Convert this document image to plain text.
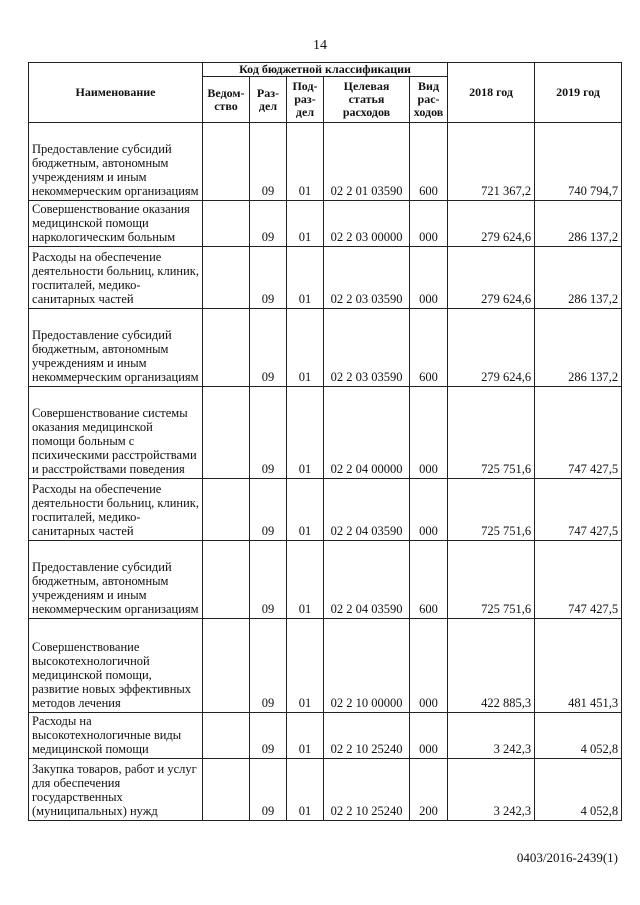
14
Наименование	Код бюджетной классификации					2018 год	2019 год
	Ведом-ство	Раз-дел	Под-раз-дел	Целевая статья расходов	Вид рас-ходов		
Предоставление субсидий бюджетным, автономным учреждениям и иным некоммерческим организациям		09	01	02 2 01 03590	600	721 367,2	740 794,7
Совершенствование оказания медицинской помощи наркологическим больным		09	01	02 2 03 00000	000	279 624,6	286 137,2
Расходы на обеспечение деятельности больниц, клиник, госпиталей, медико-санитарных частей		09	01	02 2 03 03590	000	279 624,6	286 137,2
Предоставление субсидий бюджетным, автономным учреждениям и иным некоммерческим организациям		09	01	02 2 03 03590	600	279 624,6	286 137,2
Совершенствование системы оказания медицинской помощи больным с психическими расстройствами и расстройствами поведения		09	01	02 2 04 00000	000	725 751,6	747 427,5
Расходы на обеспечение деятельности больниц, клиник, госпиталей, медико-санитарных частей		09	01	02 2 04 03590	000	725 751,6	747 427,5
Предоставление субсидий бюджетным, автономным учреждениям и иным некоммерческим организациям		09	01	02 2 04 03590	600	725 751,6	747 427,5
Совершенствование высокотехнологичной медицинской помощи, развитие новых эффективных методов лечения		09	01	02 2 10 00000	000	422 885,3	481 451,3
Расходы на высокотехнологичные виды медицинской помощи		09	01	02 2 10 25240	000	3 242,3	4 052,8
Закупка товаров, работ и услуг для обеспечения государственных (муниципальных) нужд		09	01	02 2 10 25240	200	3 242,3	4 052,8
0403/2016-2439(1)
